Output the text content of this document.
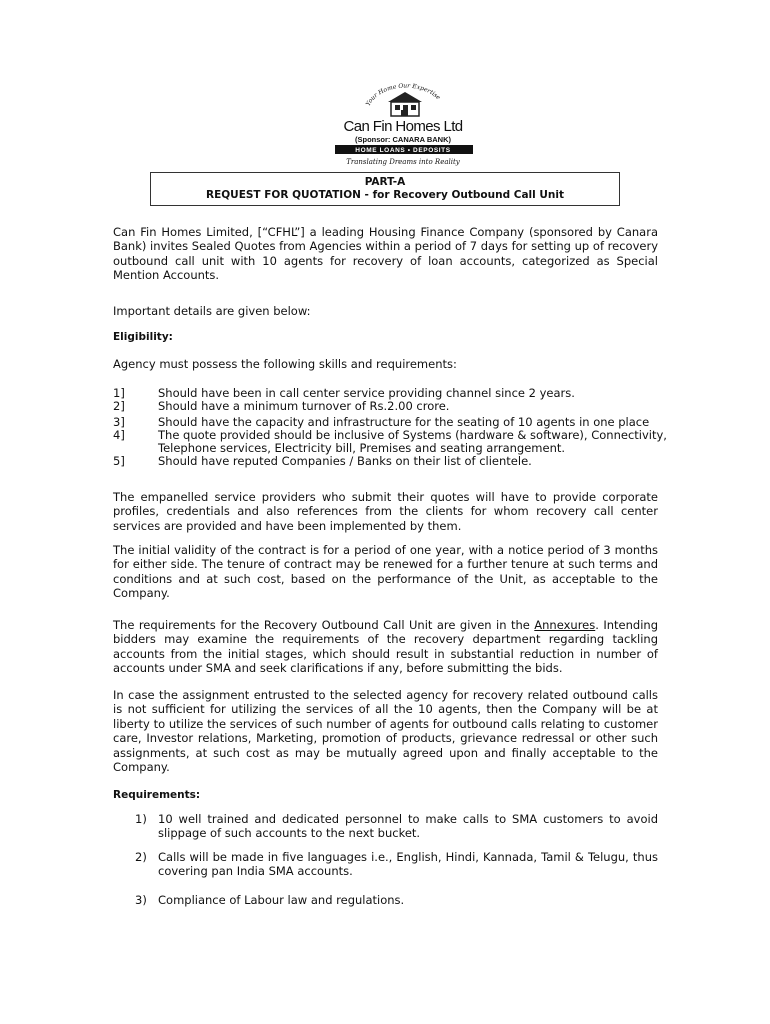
Your Home Our Expertise
Can Fin Homes Ltd
(Sponsor: CANARA BANK)
HOME LOANS • DEPOSITS
Translating Dreams into Reality
PART-A
REQUEST FOR QUOTATION - for Recovery Outbound Call Unit
Can Fin Homes Limited, [“CFHL”] a leading Housing Finance Company (sponsored by Canara Bank) invites Sealed Quotes from Agencies within a period of 7 days for setting up of recovery outbound call unit with 10 agents for recovery of loan accounts, categorized as Special Mention Accounts.
Important details are given below:
Eligibility:
Agency must possess the following skills and requirements:
1]	Should have been in call center service providing channel since 2 years.
2]	Should have a minimum turnover of Rs.2.00 crore.
3]	Should have the capacity and infrastructure for the seating of 10 agents in one place
4]	The quote provided should be inclusive of Systems (hardware & software), Connectivity, Telephone services, Electricity bill, Premises and seating arrangement.
5]	Should have reputed Companies / Banks on their list of clientele.
The empanelled service providers who submit their quotes will have to provide corporate profiles, credentials and also references from the clients for whom recovery call center services are provided and have been implemented by them.
The initial validity of the contract is for a period of one year, with a notice period of 3 months for either side. The tenure of contract may be renewed for a further tenure at such terms and conditions and at such cost, based on the performance of the Unit, as acceptable to the Company.
The requirements for the Recovery Outbound Call Unit are given in the Annexures. Intending bidders may examine the requirements of the recovery department regarding tackling accounts from the initial stages, which should result in substantial reduction in number of accounts under SMA and seek clarifications if any, before submitting the bids.
In case the assignment entrusted to the selected agency for recovery related outbound calls is not sufficient for utilizing the services of all the 10 agents, then the Company will be at liberty to utilize the services of such number of agents for outbound calls relating to customer care, Investor relations, Marketing, promotion of products, grievance redressal or other such assignments, at such cost as may be mutually agreed upon and finally acceptable to the Company.
Requirements:
1) 10 well trained and dedicated personnel to make calls to SMA customers to avoid slippage of such accounts to the next bucket.
2) Calls will be made in five languages i.e., English, Hindi, Kannada, Tamil & Telugu, thus covering pan India SMA accounts.
3) Compliance of Labour law and regulations.
